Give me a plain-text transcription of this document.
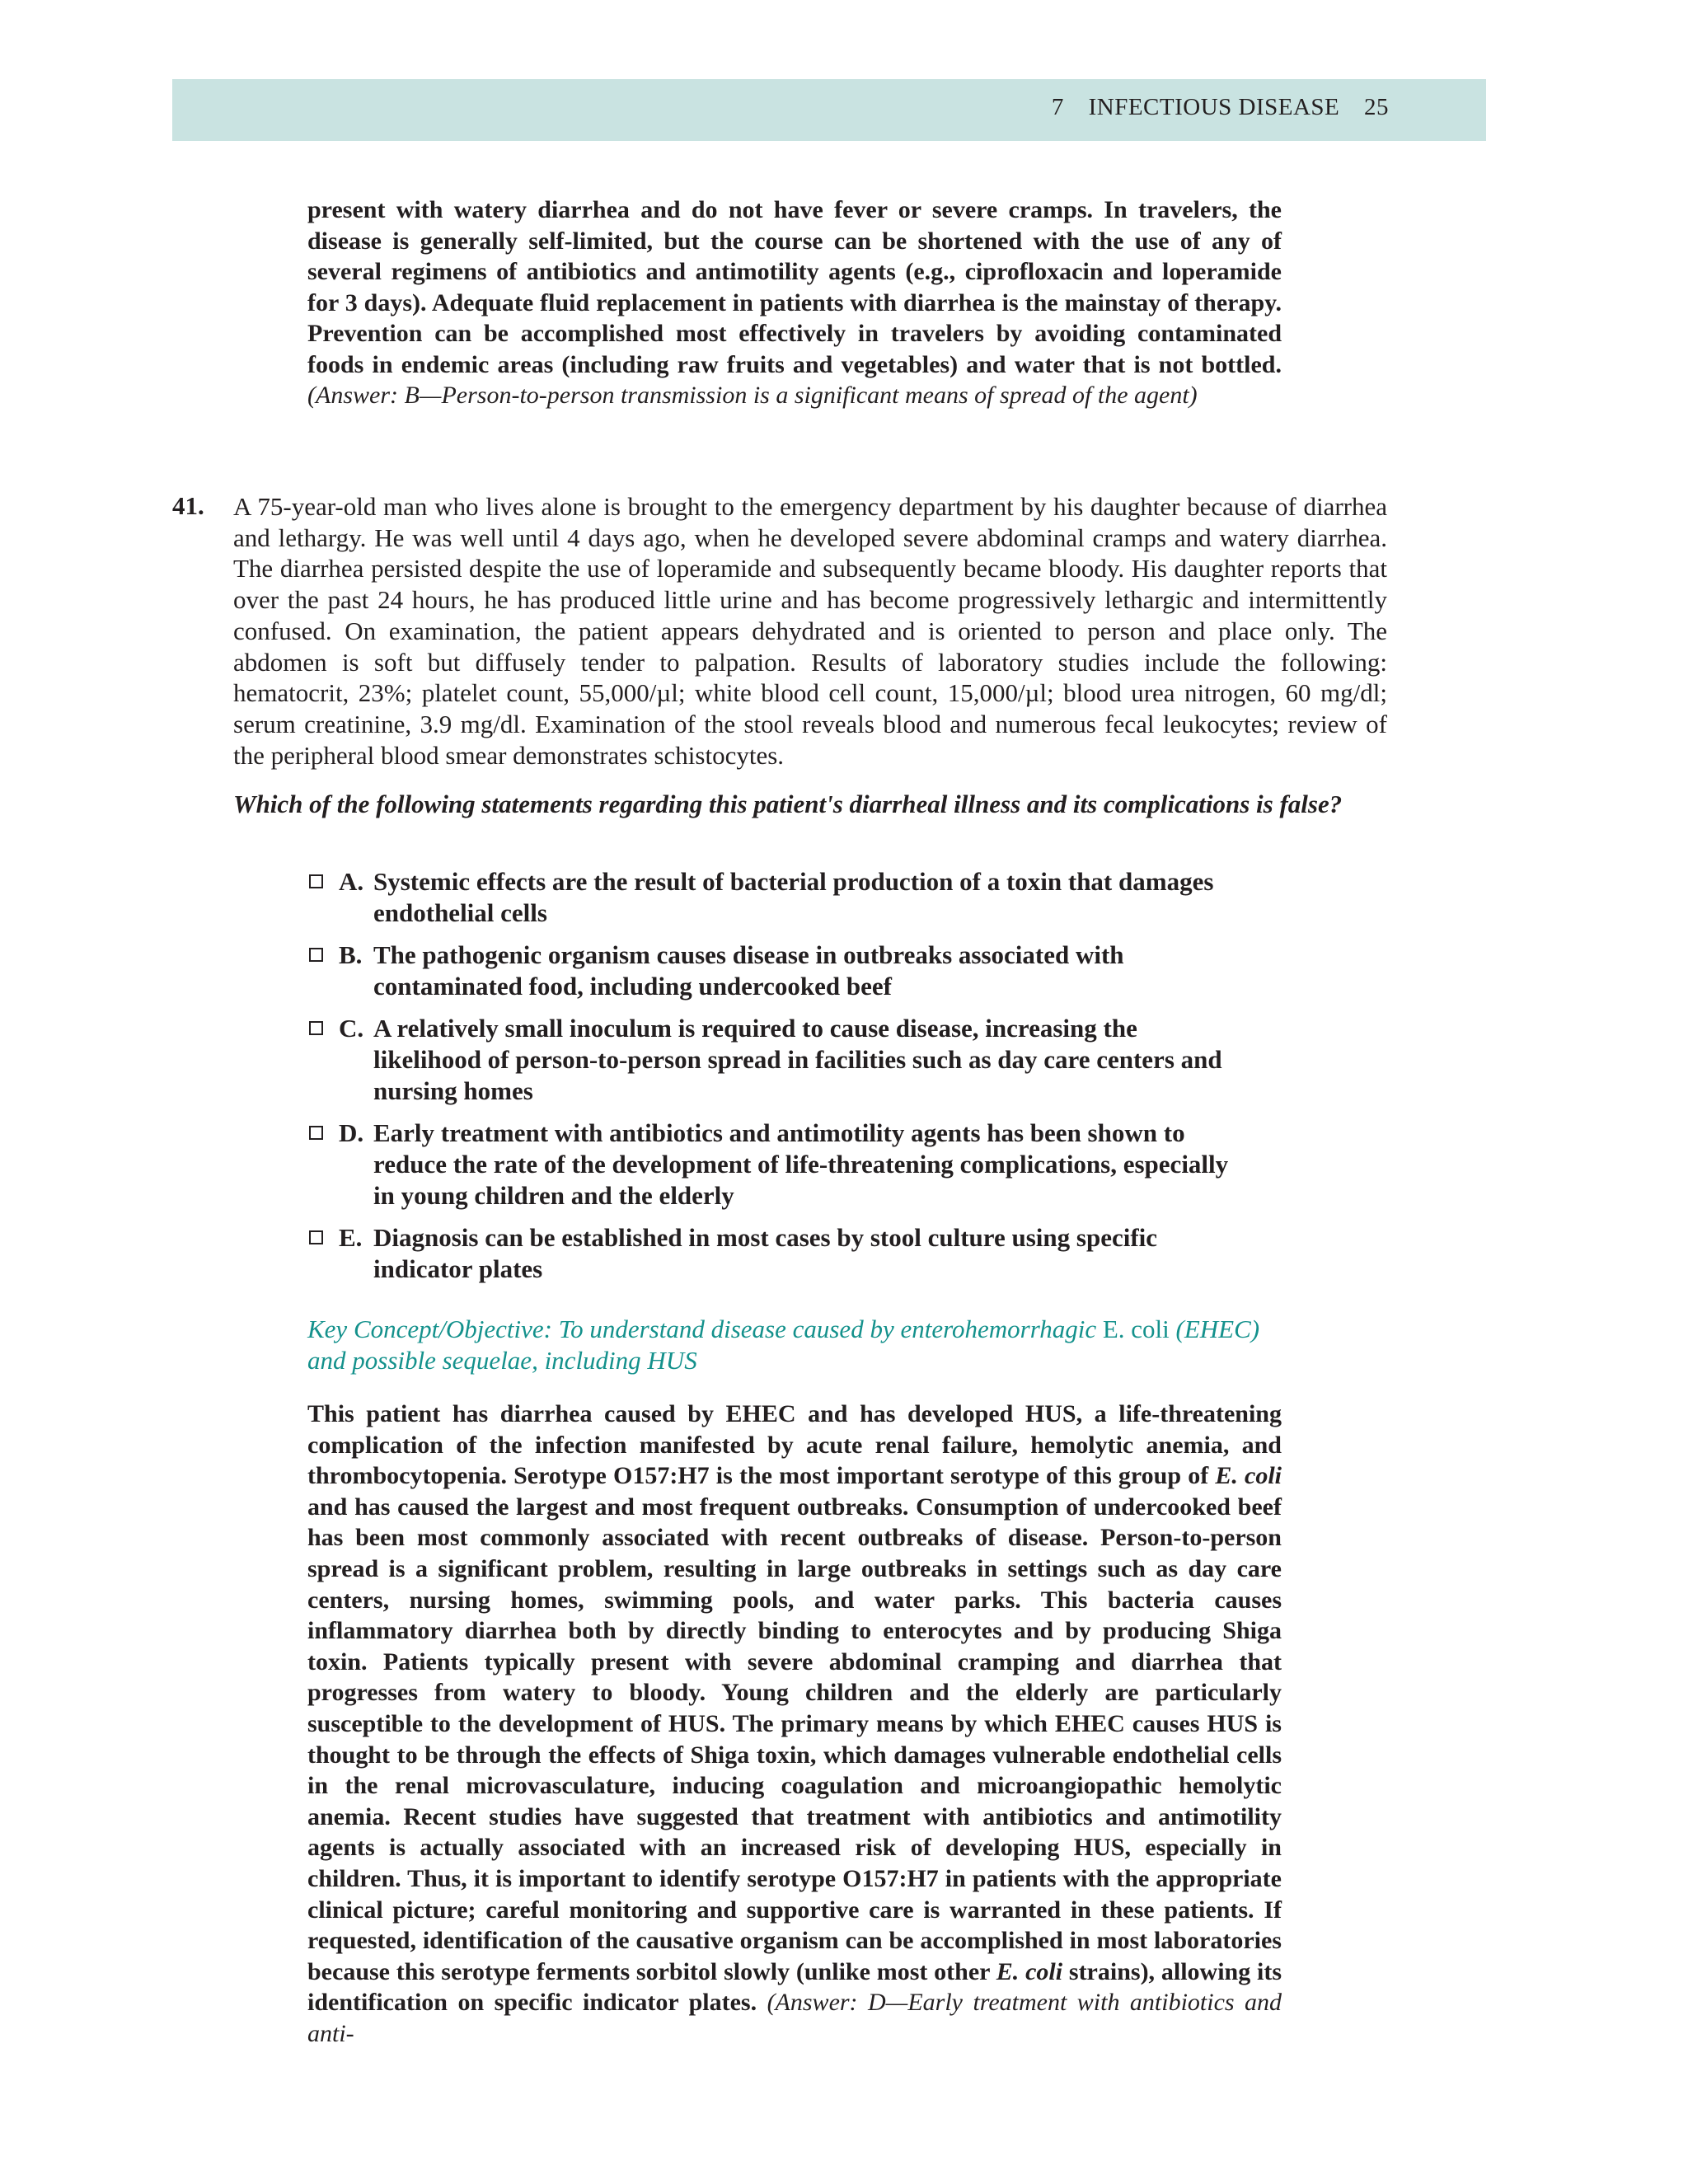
7 INFECTIOUS DISEASE 25
present with watery diarrhea and do not have fever or severe cramps. In travelers, the disease is generally self-limited, but the course can be shortened with the use of any of several regimens of antibiotics and antimotility agents (e.g., ciprofloxacin and loperamide for 3 days). Adequate fluid replacement in patients with diarrhea is the mainstay of therapy. Prevention can be accomplished most effectively in travelers by avoiding contaminated foods in endemic areas (including raw fruits and vegetables) and water that is not bottled. (Answer: B—Person-to-person transmission is a significant means of spread of the agent)
41. A 75-year-old man who lives alone is brought to the emergency department by his daughter because of diarrhea and lethargy. He was well until 4 days ago, when he developed severe abdominal cramps and watery diarrhea. The diarrhea persisted despite the use of loperamide and subsequently became bloody. His daughter reports that over the past 24 hours, he has produced little urine and has become progressively lethargic and intermittently confused. On examination, the patient appears dehydrated and is oriented to person and place only. The abdomen is soft but diffusely tender to palpation. Results of laboratory studies include the following: hematocrit, 23%; platelet count, 55,000/µl; white blood cell count, 15,000/µl; blood urea nitrogen, 60 mg/dl; serum creatinine, 3.9 mg/dl. Examination of the stool reveals blood and numerous fecal leukocytes; review of the peripheral blood smear demonstrates schistocytes.
Which of the following statements regarding this patient's diarrheal illness and its complications is false?
A. Systemic effects are the result of bacterial production of a toxin that damages endothelial cells
B. The pathogenic organism causes disease in outbreaks associated with contaminated food, including undercooked beef
C. A relatively small inoculum is required to cause disease, increasing the likelihood of person-to-person spread in facilities such as day care centers and nursing homes
D. Early treatment with antibiotics and antimotility agents has been shown to reduce the rate of the development of life-threatening complications, especially in young children and the elderly
E. Diagnosis can be established in most cases by stool culture using specific indicator plates
Key Concept/Objective: To understand disease caused by enterohemorrhagic E. coli (EHEC) and possible sequelae, including HUS
This patient has diarrhea caused by EHEC and has developed HUS, a life-threatening complication of the infection manifested by acute renal failure, hemolytic anemia, and thrombocytopenia. Serotype O157:H7 is the most important serotype of this group of E. coli and has caused the largest and most frequent outbreaks. Consumption of undercooked beef has been most commonly associated with recent outbreaks of disease. Person-to-person spread is a significant problem, resulting in large outbreaks in settings such as day care centers, nursing homes, swimming pools, and water parks. This bacteria causes inflammatory diarrhea both by directly binding to enterocytes and by producing Shiga toxin. Patients typically present with severe abdominal cramping and diarrhea that progresses from watery to bloody. Young children and the elderly are particularly susceptible to the development of HUS. The primary means by which EHEC causes HUS is thought to be through the effects of Shiga toxin, which damages vulnerable endothelial cells in the renal microvasculature, inducing coagulation and microangiopathic hemolytic anemia. Recent studies have suggested that treatment with antibiotics and antimotility agents is actually associated with an increased risk of developing HUS, especially in children. Thus, it is important to identify serotype O157:H7 in patients with the appropriate clinical picture; careful monitoring and supportive care is warranted in these patients. If requested, identification of the causative organism can be accomplished in most laboratories because this serotype ferments sorbitol slowly (unlike most other E. coli strains), allowing its identification on specific indicator plates. (Answer: D—Early treatment with antibiotics and anti-
